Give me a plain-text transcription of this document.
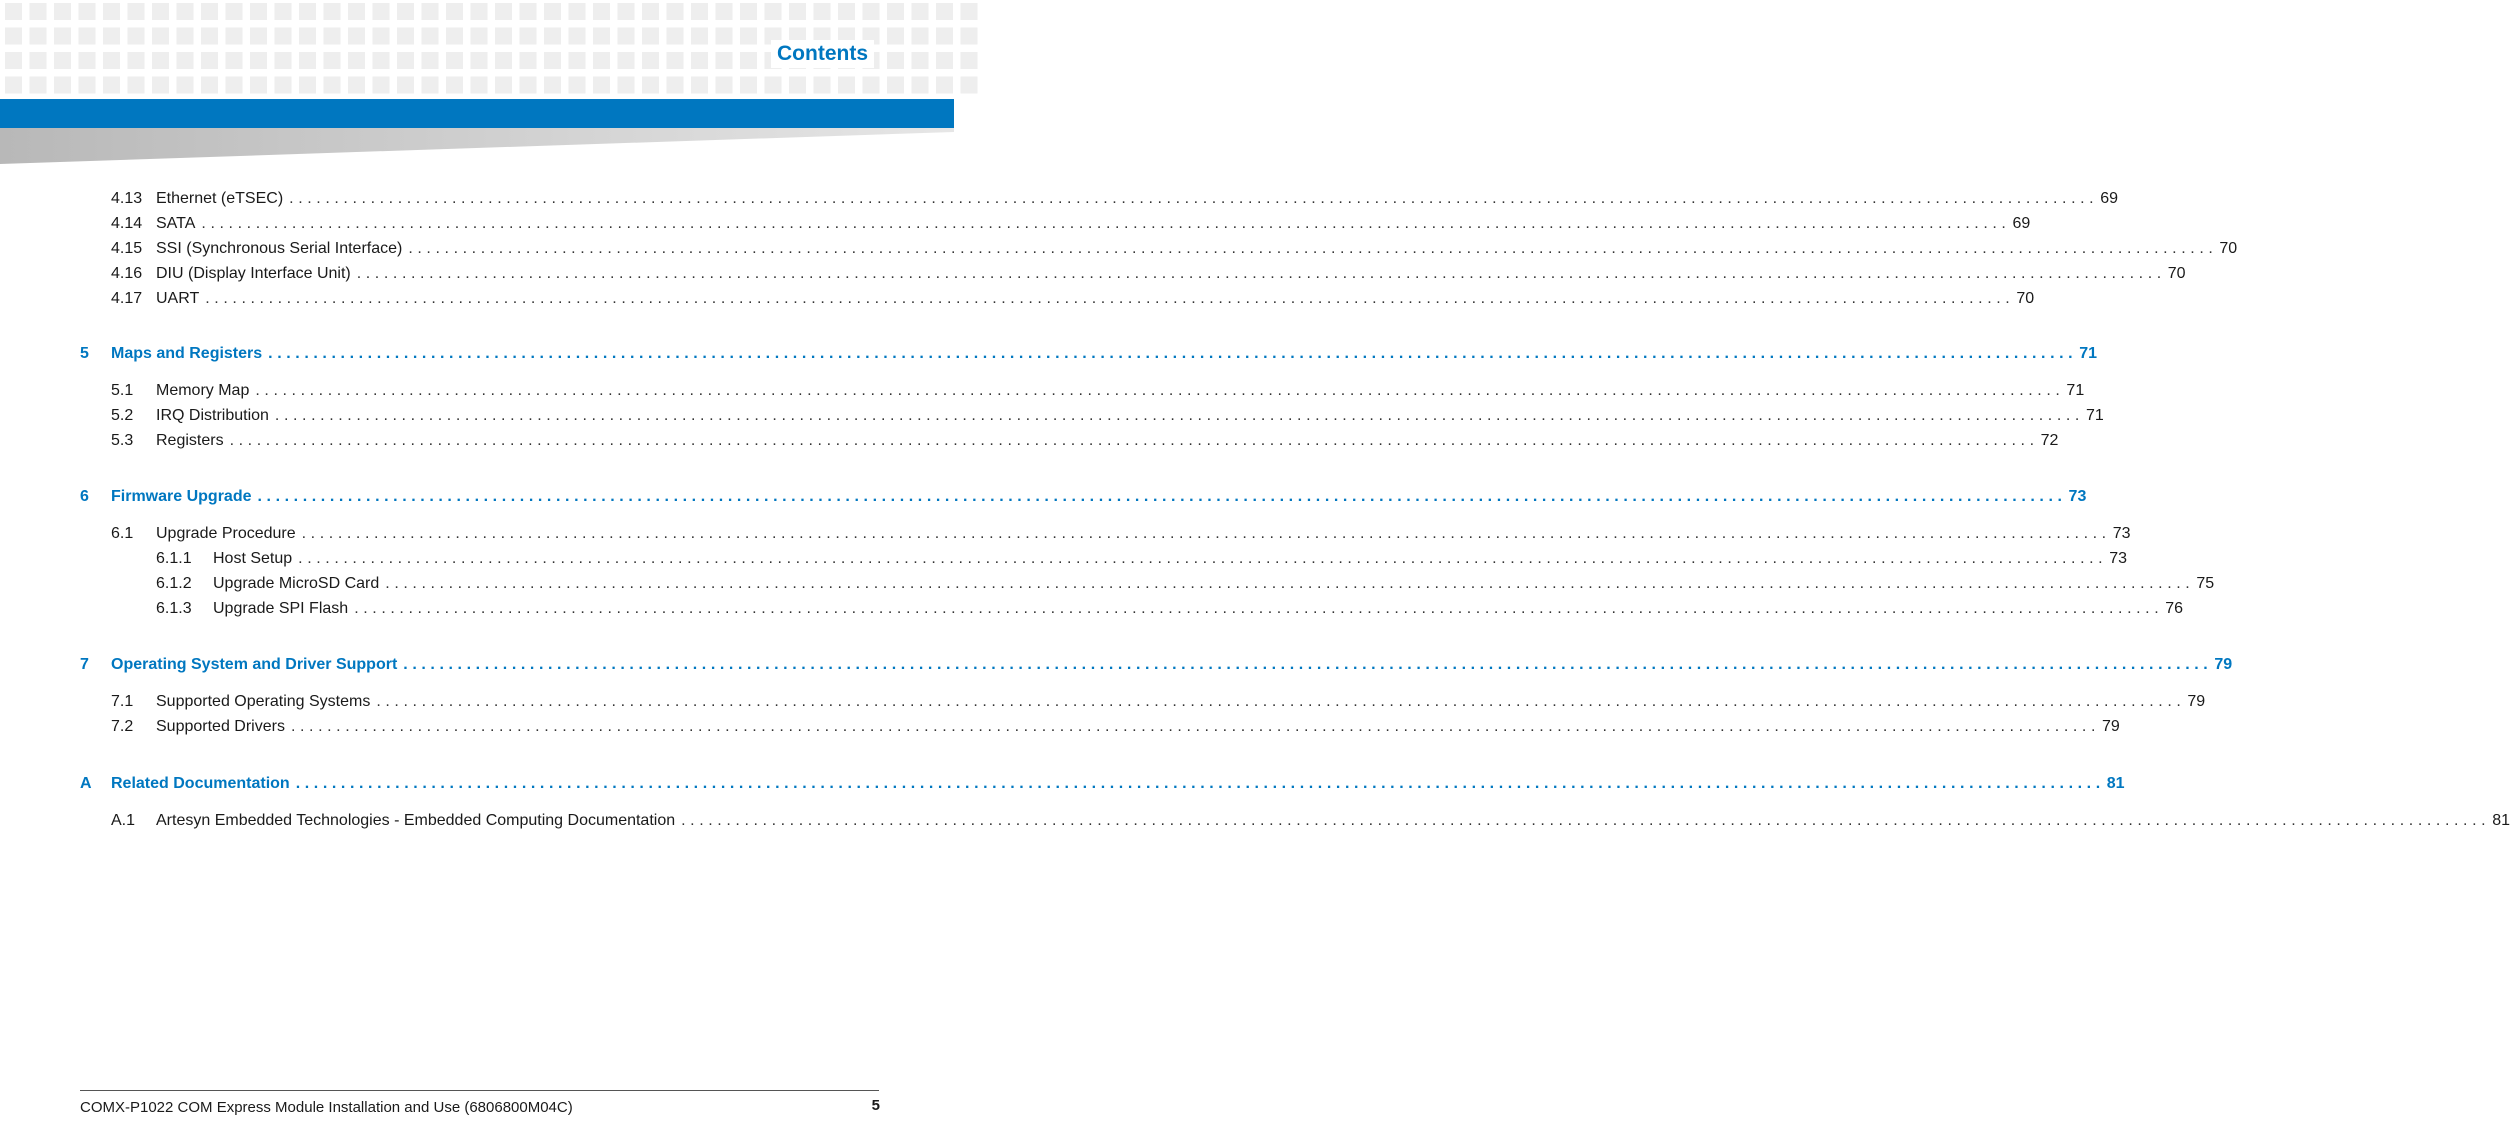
Contents
4.13 Ethernet (eTSEC) ........................................................................................................................................................................................................ 69
4.14 SATA ........................................................................................................................................................................................................ 69
4.15 SSI (Synchronous Serial Interface) ........................................................................................................................................................................................................ 70
4.16 DIU (Display Interface Unit) ........................................................................................................................................................................................................ 70
4.17 UART ........................................................................................................................................................................................................ 70
5 Maps and Registers ........................................................................................................................................................................................................ 71
5.1 Memory Map ........................................................................................................................................................................................................ 71
5.2 IRQ Distribution ........................................................................................................................................................................................................ 71
5.3 Registers ........................................................................................................................................................................................................ 72
6 Firmware Upgrade ........................................................................................................................................................................................................ 73
6.1 Upgrade Procedure ........................................................................................................................................................................................................ 73
6.1.1 Host Setup ........................................................................................................................................................................................................ 73
6.1.2 Upgrade MicroSD Card ........................................................................................................................................................................................................ 75
6.1.3 Upgrade SPI Flash ........................................................................................................................................................................................................ 76
7 Operating System and Driver Support ........................................................................................................................................................................................................ 79
7.1 Supported Operating Systems ........................................................................................................................................................................................................ 79
7.2 Supported Drivers ........................................................................................................................................................................................................ 79
A Related Documentation ........................................................................................................................................................................................................ 81
A.1 Artesyn Embedded Technologies - Embedded Computing Documentation ........................................................................................................................................................................................................ 81
COMX-P1022 COM Express Module Installation and Use (6806800M04C)	5
